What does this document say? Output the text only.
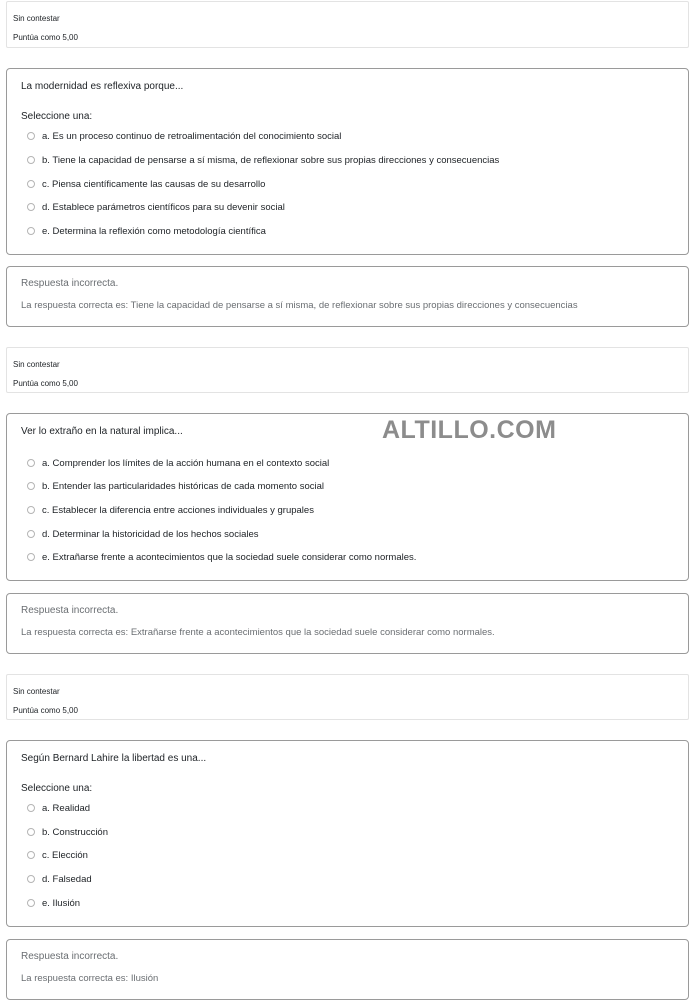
Sin contestar
Puntúa como 5,00
La modernidad es reflexiva porque...
Seleccione una:
a. Es un proceso continuo de retroalimentación del conocimiento social
b. Tiene la capacidad de pensarse a sí misma, de reflexionar sobre sus propias direcciones y consecuencias
c. Piensa científicamente las causas de su desarrollo
d. Establece parámetros científicos para su devenir social
e. Determina la reflexión como metodología científica
Respuesta incorrecta.
La respuesta correcta es: Tiene la capacidad de pensarse a sí misma, de reflexionar sobre sus propias direcciones y consecuencias
Sin contestar
Puntúa como 5,00
Ver lo extraño en la natural implica...
a. Comprender los límites de la acción humana en el contexto social
b. Entender las particularidades históricas de cada momento social
c. Establecer la diferencia entre acciones individuales y grupales
d. Determinar la historicidad de los hechos sociales
e. Extrañarse frente a acontecimientos que la sociedad suele considerar como normales.
Respuesta incorrecta.
La respuesta correcta es: Extrañarse frente a acontecimientos que la sociedad suele considerar como normales.
Sin contestar
Puntúa como 5,00
Según Bernard Lahire la libertad es una...
Seleccione una:
a. Realidad
b. Construcción
c. Elección
d. Falsedad
e. Ilusión
Respuesta incorrecta.
La respuesta correcta es: Ilusión
ALTILLO.COM
